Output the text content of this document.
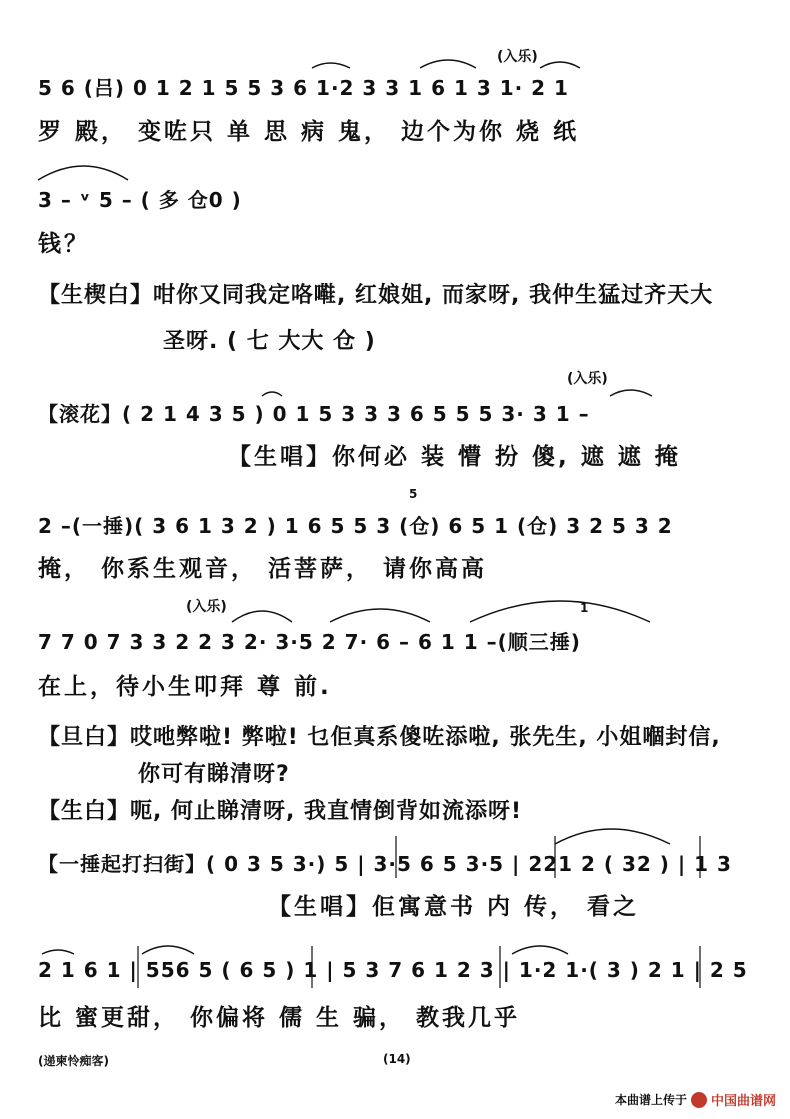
(入乐)
5 6 (吕) 0 1 2 1 5 5 3 6 1·2 3 3 1 6 1 3 1· 2 1
罗 殿， 变咗只 单 思 病 鬼， 边个为你 烧 纸
3 – ᵛ 5 – ( 多 仓0 )
钱？
【生楔白】咁你又同我定咯嚡, 红娘姐, 而家呀, 我仲生猛过齐天大
圣呀. ( 七 大大 仓 )
(入乐)
【滚花】( 2 1 4 3 5 ) 0 1 5 3 3 3 6 5 5 5 3· 3 1 –
【生唱】你何必 装 懵 扮 傻, 遮 遮 掩
5
2 –(一捶)( 3 6 1 3 2 ) 1 6 5 5 3 (仓) 6 5 1 (仓) 3 2 5 3 2
掩， 你系生观音， 活菩萨， 请你高高
(入乐)	1
7 7 0 7 3 3 2 2 3 2· 3·5 2 7· 6 – 6 1 1 –(顺三捶)
在上，待小生叩拜 尊 前.
【旦白】哎吔弊啦! 弊啦! 乜佢真系傻咗添啦, 张先生, 小姐嗰封信,
你可有睇清呀?
【生白】呃, 何止睇清呀, 我直情倒背如流添呀!
【一捶起打扫街】( 0 3 5 3·) 5 | 3·5 6 5 3·5 | 221 2 ( 32 ) | 1 3
【生唱】佢寓意书 内 传， 看之
2 1 6 1 | 556 5 ( 6 5 ) 1 | 5 3 7 6 1 2 3 | 1·2 1·( 3 ) 2 1 | 2 5
比 蜜更甜， 你偏将 儒 生 骗， 教我几乎
(递柬怜痴客)	(14)
本曲谱上传于 中国曲谱网
